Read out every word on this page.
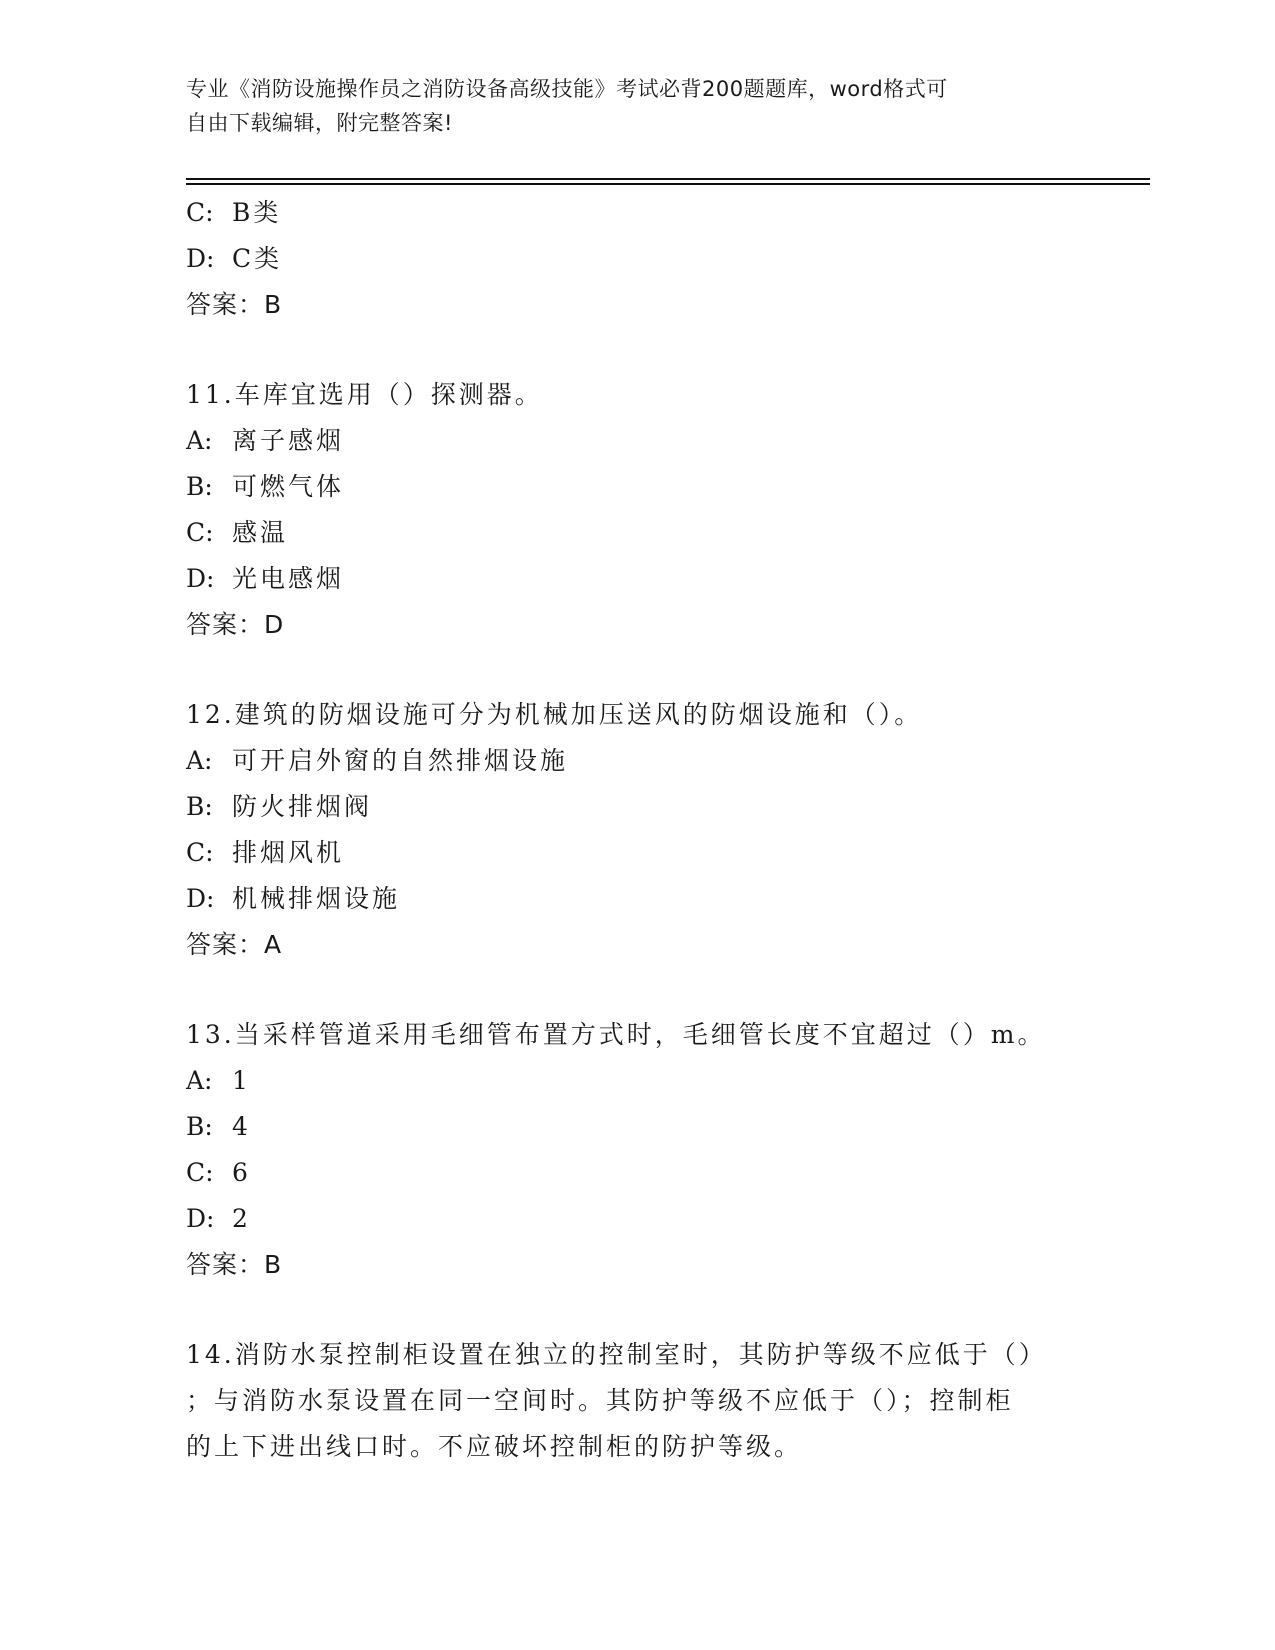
专业《消防设施操作员之消防设备高级技能》考试必背200题题库，word格式可
自由下载编辑，附完整答案!
C: B类
D: C类
答案：B
11.车库宜选用（）探测器。
A: 离子感烟
B: 可燃气体
C: 感温
D: 光电感烟
答案：D
12.建筑的防烟设施可分为机械加压送风的防烟设施和（）。
A: 可开启外窗的自然排烟设施
B: 防火排烟阀
C: 排烟风机
D: 机械排烟设施
答案：A
13.当采样管道采用毛细管布置方式时，毛细管长度不宜超过（）m。
A: 1
B: 4
C: 6
D: 2
答案：B
14.消防水泵控制柜设置在独立的控制室时，其防护等级不应低于（）
；与消防水泵设置在同一空间时。其防护等级不应低于（）；控制柜
的上下进出线口时。不应破坏控制柜的防护等级。
